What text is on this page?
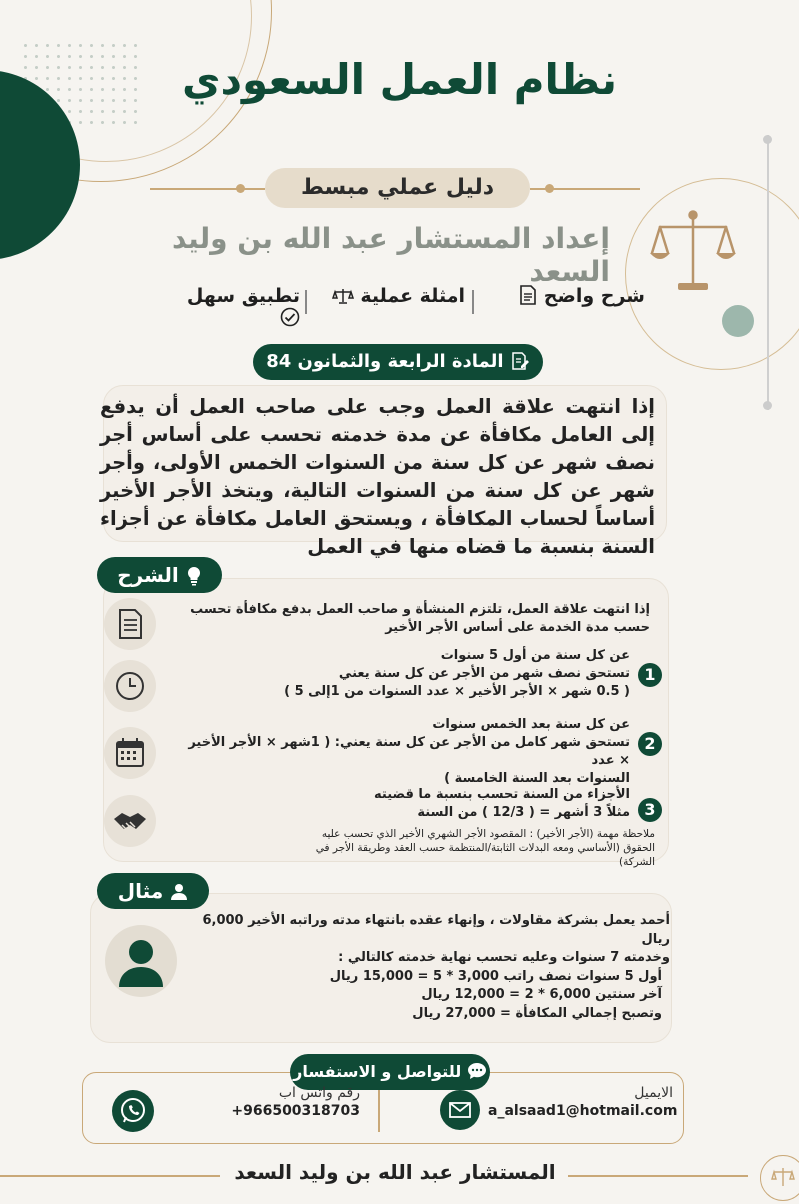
نظام العمل السعودي
دليل عملي مبسط
إعداد المستشار عبد الله بن وليد السعد
شرح واضح
امثلة عملية
تطبيق سهل
المادة الرابعة والثمانون 84
إذا انتهت علاقة العمل وجب على صاحب العمل أن يدفع إلى العامل مكافأة عن مدة خدمته تحسب على أساس أجر نصف شهر عن كل سنة من السنوات الخمس الأولى، وأجر شهر عن كل سنة من السنوات التالية، ويتخذ الأجر الأخير أساساً لحساب المكافأة ، ويستحق العامل مكافأة عن أجزاء السنة بنسبة ما قضاه منها في العمل
الشرح
إذا انتهت علاقة العمل، تلتزم المنشأة و صاحب العمل بدفع مكافأة تحسب حسب مدة الخدمة على أساس الأجر الأخير
1
عن كل سنة من أول 5 سنوات
تستحق نصف شهر من الأجر عن كل سنة يعني
( 0.5 شهر × الأجر الأخير × عدد السنوات من 1إلى 5 )
2
عن كل سنة بعد الخمس سنوات
تستحق شهر كامل من الأجر عن كل سنة يعني: ( 1شهر × الأجر الأخير × عدد
السنوات بعد السنة الخامسة )
3
الأجزاء من السنة تحسب بنسبة ما قضيته
مثلاً 3 أشهر = ( 12/3 ) من السنة
ملاحظة مهمة (الأجر الأخير) : المقصود الأجر الشهري الأخير الذي تحسب عليه الحقوق (الأساسي ومعه البدلات الثابتة/المنتظمة حسب العقد وطريقة الأجر في الشركة)
مثال
أحمد يعمل بشركة مقاولات ، وإنهاء عقده بانتهاء مدته وراتبه الأخير 6,000 ريال
وخدمته 7 سنوات وعليه تحسب نهاية خدمته كالتالي :
أول 5 سنوات نصف راتب 3,000 * 5 = 15,000 ريال
آخر سنتين 6,000 * 2 = 12,000 ريال
وتصبح إجمالي المكافأة = 27,000 ريال
للتواصل و الاستفسار
الايميل
a_alsaad1@hotmail.com
رقم واتس اب
+966500318703
المستشار عبد الله بن وليد السعد
